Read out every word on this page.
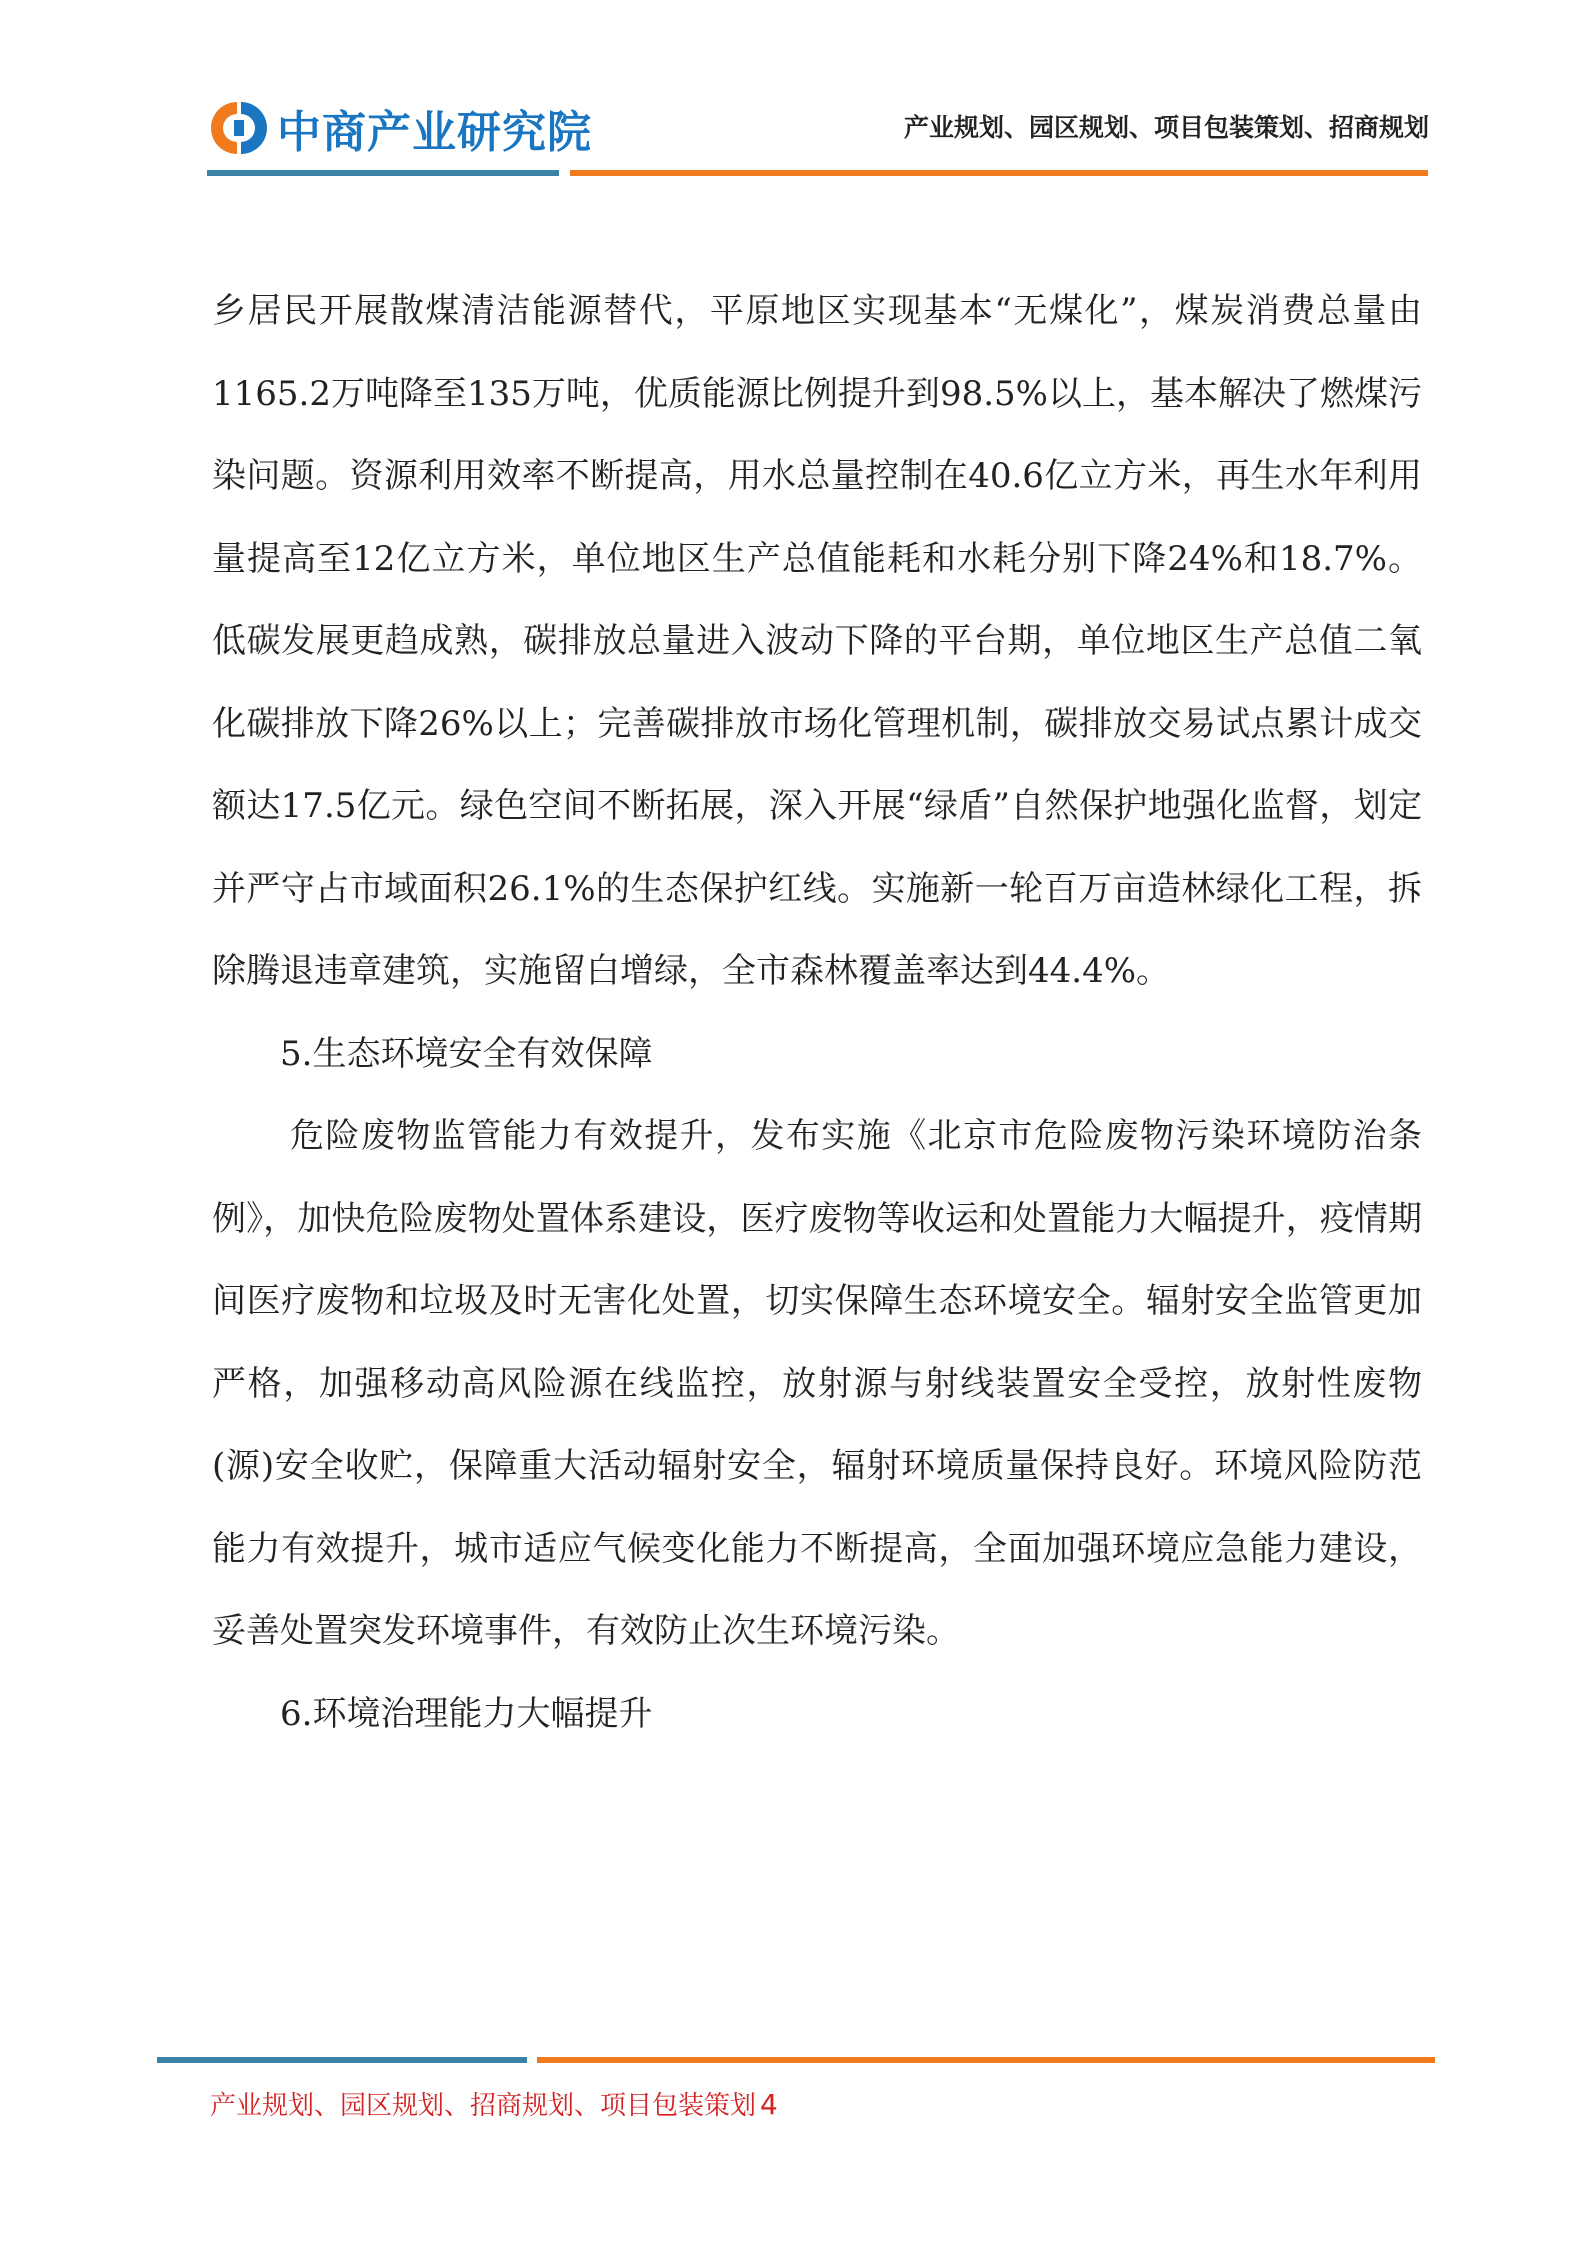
中商产业研究院	产业规划、园区规划、项目包装策划、招商规划

乡居民开展散煤清洁能源替代，平原地区实现基本“无煤化”，煤炭消费总量由1165.2万吨降至135万吨，优质能源比例提升到98.5%以上，基本解决了燃煤污染问题。资源利用效率不断提高，用水总量控制在40.6亿立方米，再生水年利用量提高至12亿立方米，单位地区生产总值能耗和水耗分别下降24%和18.7%。低碳发展更趋成熟，碳排放总量进入波动下降的平台期，单位地区生产总值二氧化碳排放下降26%以上；完善碳排放市场化管理机制，碳排放交易试点累计成交额达17.5亿元。绿色空间不断拓展，深入开展“绿盾”自然保护地强化监督，划定并严守占市域面积26.1%的生态保护红线。实施新一轮百万亩造林绿化工程，拆除腾退违章建筑，实施留白增绿，全市森林覆盖率达到44.4%。

5.生态环境安全有效保障

危险废物监管能力有效提升，发布实施《北京市危险废物污染环境防治条例》，加快危险废物处置体系建设，医疗废物等收运和处置能力大幅提升，疫情期间医疗废物和垃圾及时无害化处置，切实保障生态环境安全。辐射安全监管更加严格，加强移动高风险源在线监控，放射源与射线装置安全受控，放射性废物(源)安全收贮，保障重大活动辐射安全，辐射环境质量保持良好。环境风险防范能力有效提升，城市适应气候变化能力不断提高，全面加强环境应急能力建设，妥善处置突发环境事件，有效防止次生环境污染。

6.环境治理能力大幅提升

产业规划、园区规划、招商规划、项目包装策划 4
